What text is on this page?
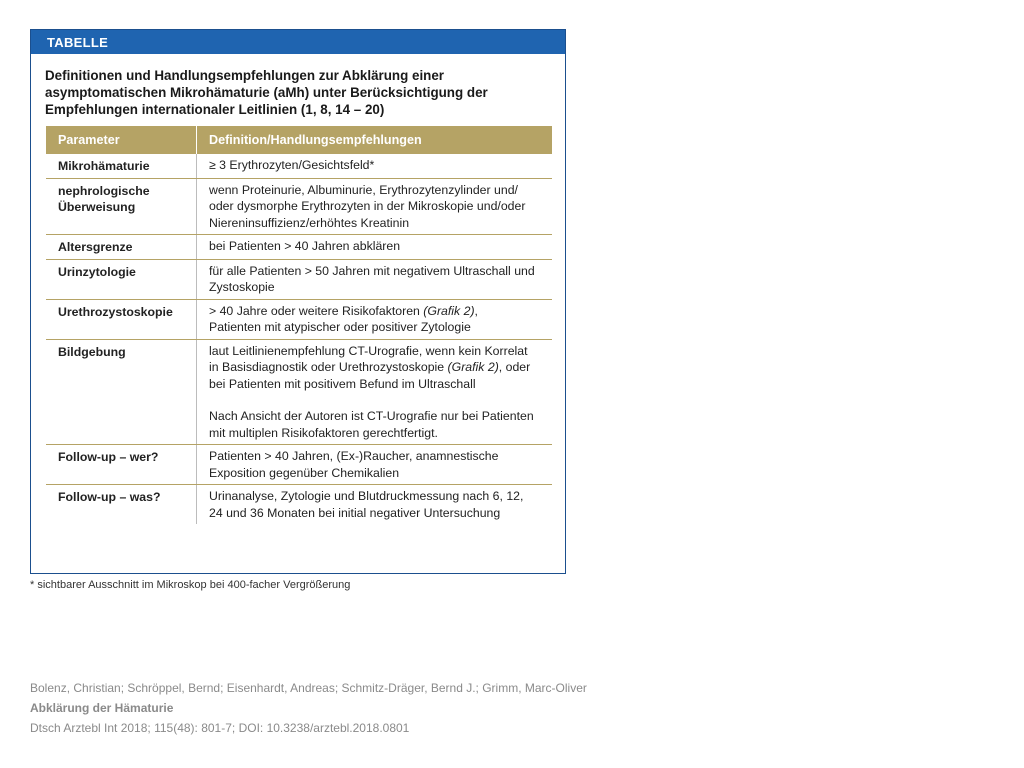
TABELLE
Definitionen und Handlungsempfehlungen zur Abklärung einer
asymptomatischen Mikrohämaturie (aMh) unter Berücksichtigung der
Empfehlungen internationaler Leitlinien (1, 8, 14 – 20)
Parameter	Definition/Handlungsempfehlungen

Mikrohämaturie	≥ 3 Erythrozyten/Gesichtsfeld*

nephrologische
Überweisung	wenn Proteinurie, Albuminurie, Erythrozytenzylinder und/
oder dysmorphe Erythrozyten in der Mikroskopie und/oder
Niereninsuffizienz/erhöhtes Kreatinin

Altersgrenze	bei Patienten > 40 Jahren abklären

Urinzytologie	für alle Patienten > 50 Jahren mit negativem Ultraschall und
Zystoskopie

Urethrozystoskopie	> 40 Jahre oder weitere Risikofaktoren (Grafik 2),
Patienten mit atypischer oder positiver Zytologie

Bildgebung	laut Leitlinienempfehlung CT-Urografie, wenn kein Korrelat
in Basisdiagnostik oder Urethrozystoskopie (Grafik 2), oder
bei Patienten mit positivem Befund im Ultraschall
Nach Ansicht der Autoren ist CT-Urografie nur bei Patienten
mit multiplen Risikofaktoren gerechtfertigt.

Follow-up – wer?	Patienten > 40 Jahren, (Ex-)Raucher, anamnestische
Exposition gegenüber Chemikalien

Follow-up – was?	Urinanalyse, Zytologie und Blutdruckmessung nach 6, 12,
24 und 36 Monaten bei initial negativer Untersuchung
* sichtbarer Ausschnitt im Mikroskop bei 400-facher Vergrößerung
Bolenz, Christian; Schröppel, Bernd; Eisenhardt, Andreas; Schmitz-Dräger, Bernd J.; Grimm, Marc-Oliver
Abklärung der Hämaturie
Dtsch Arztebl Int 2018; 115(48): 801-7; DOI: 10.3238/arztebl.2018.0801
